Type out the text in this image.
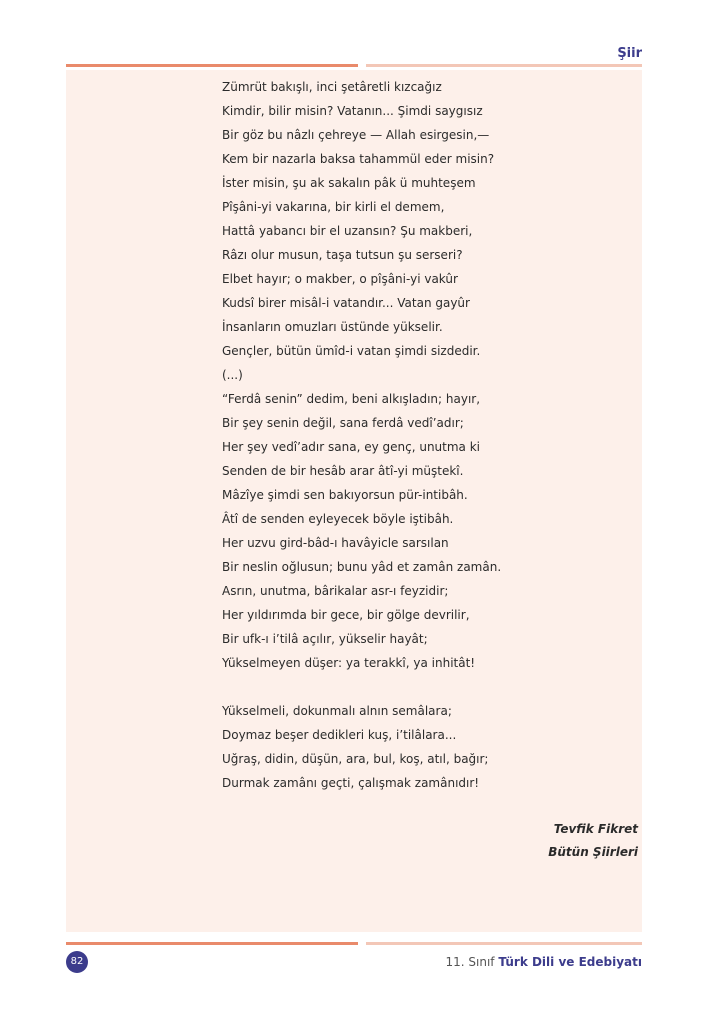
Şiir
Zümrüt bakışlı, inci şetâretli kızcağız
Kimdir, bilir misin? Vatanın... Şimdi saygısız
Bir göz bu nâzlı çehreye — Allah esirgesin,—
Kem bir nazarla baksa tahammül eder misin?
İster misin, şu ak sakalın pâk ü muhteşem
Pîşâni-yi vakarına, bir kirli el demem,
Hattâ yabancı bir el uzansın? Şu makberi,
Râzı olur musun, taşa tutsun şu serseri?
Elbet hayır; o makber, o pîşâni-yi vakûr
Kudsî birer misâl-i vatandır... Vatan gayûr
İnsanların omuzları üstünde yükselir.
Gençler, bütün ümîd-i vatan şimdi sizdedir.
(...)
“Ferdâ senin” dedim, beni alkışladın; hayır,
Bir şey senin değil, sana ferdâ vedî’adır;
Her şey vedî’adır sana, ey genç, unutma ki
Senden de bir hesâb arar âtî-yi müştekî.
Mâzîye şimdi sen bakıyorsun pür-intibâh.
Âtî de senden eyleyecek böyle iştibâh.
Her uzvu gird-bâd-ı havâyicle sarsılan
Bir neslin oğlusun; bunu yâd et zamân zamân.
Asrın, unutma, bârikalar asr-ı feyzidir;
Her yıldırımda bir gece, bir gölge devrilir,
Bir ufk-ı i’tilâ açılır, yükselir hayât;
Yükselmeyen düşer: ya terakkî, ya inhitât!
Yükselmeli, dokunmalı alnın semâlara;
Doymaz beşer dedikleri kuş, i’tilâlara...
Uğraş, didin, düşün, ara, bul, koş, atıl, bağır;
Durmak zamânı geçti, çalışmak zamânıdır!
Tevfik Fikret
Bütün Şiirleri
82	11. Sınıf Türk Dili ve Edebiyatı
